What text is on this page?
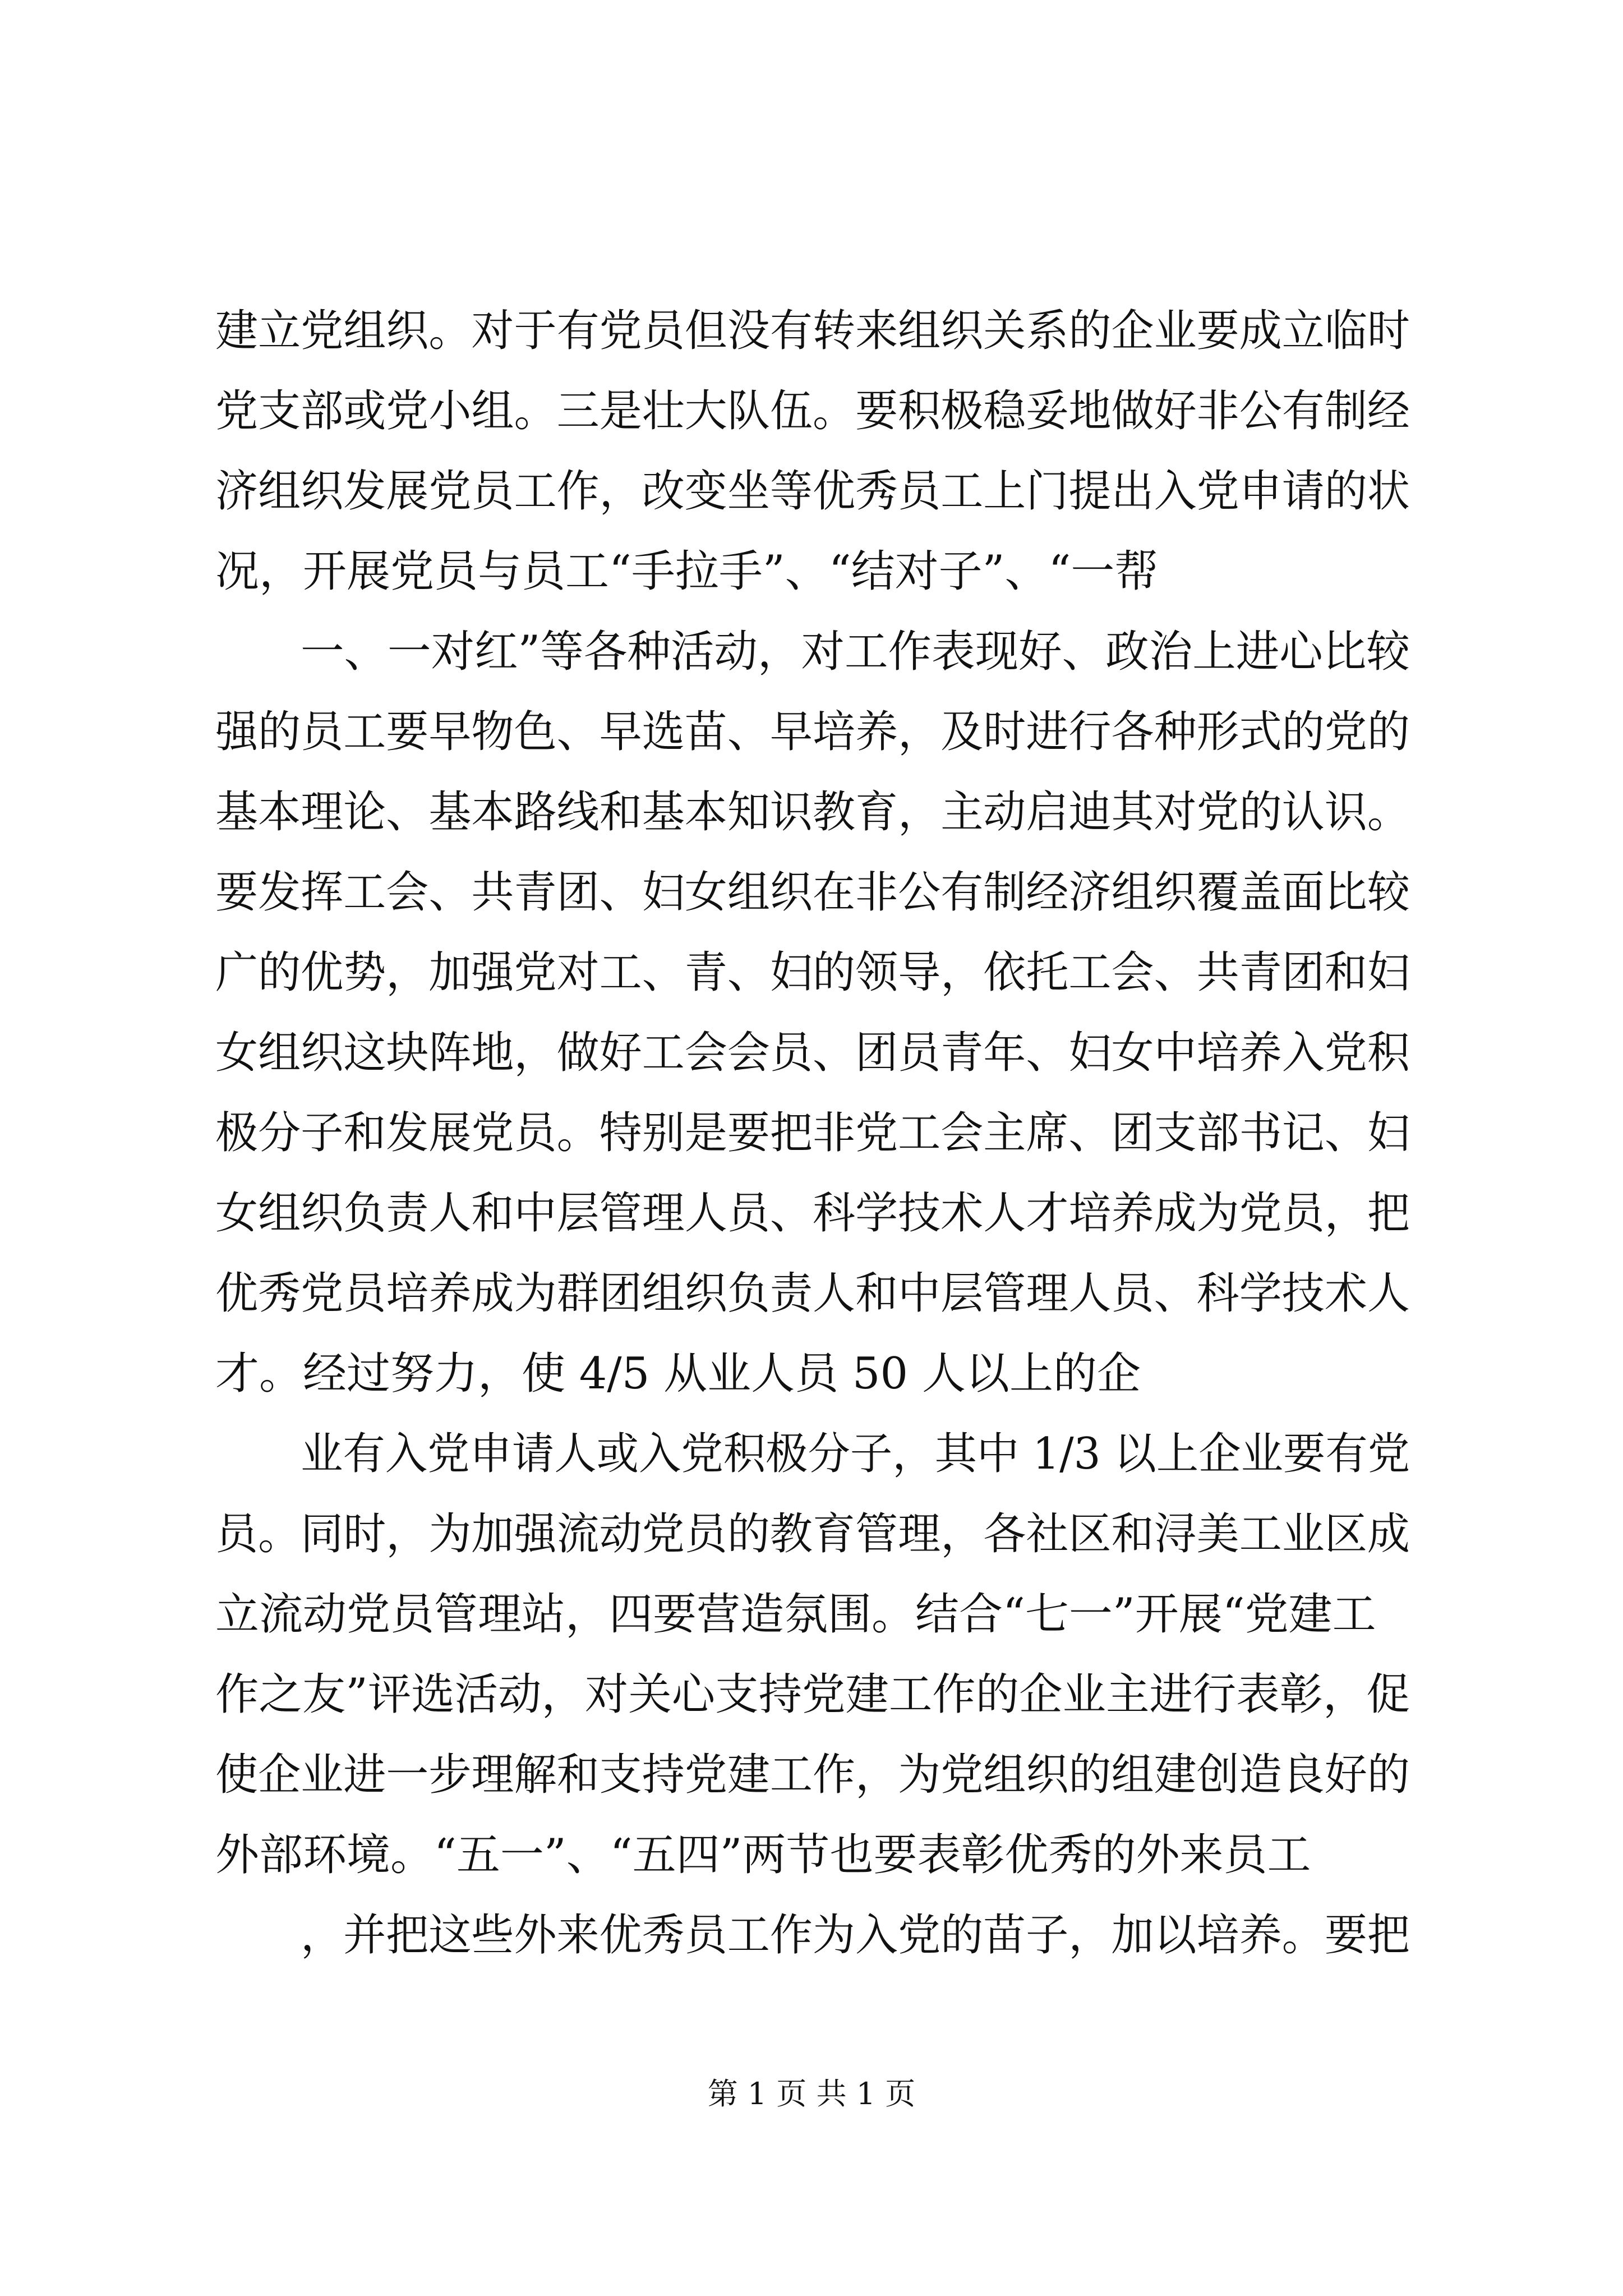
建立党组织。对于有党员但没有转来组织关系的企业要成立临时
党支部或党小组。三是壮大队伍。要积极稳妥地做好非公有制经
济组织发展党员工作，改变坐等优秀员工上门提出入党申请的状
况，开展党员与员工“手拉手”、“结对子”、“一帮
一、一对红”等各种活动，对工作表现好、政治上进心比较
强的员工要早物色、早选苗、早培养，及时进行各种形式的党的
基本理论、基本路线和基本知识教育，主动启迪其对党的认识。
要发挥工会、共青团、妇女组织在非公有制经济组织覆盖面比较
广的优势，加强党对工、青、妇的领导，依托工会、共青团和妇
女组织这块阵地，做好工会会员、团员青年、妇女中培养入党积
极分子和发展党员。特别是要把非党工会主席、团支部书记、妇
女组织负责人和中层管理人员、科学技术人才培养成为党员，把
优秀党员培养成为群团组织负责人和中层管理人员、科学技术人
才。经过努力，使 4/5 从业人员 50 人以上的企
业有入党申请人或入党积极分子，其中 1/3 以上企业要有党
员。同时，为加强流动党员的教育管理，各社区和浔美工业区成
立流动党员管理站，四要营造氛围。结合“七一”开展“党建工
作之友”评选活动，对关心支持党建工作的企业主进行表彰，促
使企业进一步理解和支持党建工作，为党组织的组建创造良好的
外部环境。“五一”、“五四”两节也要表彰优秀的外来员工
，并把这些外来优秀员工作为入党的苗子，加以培养。要把
第 1 页 共 1 页
